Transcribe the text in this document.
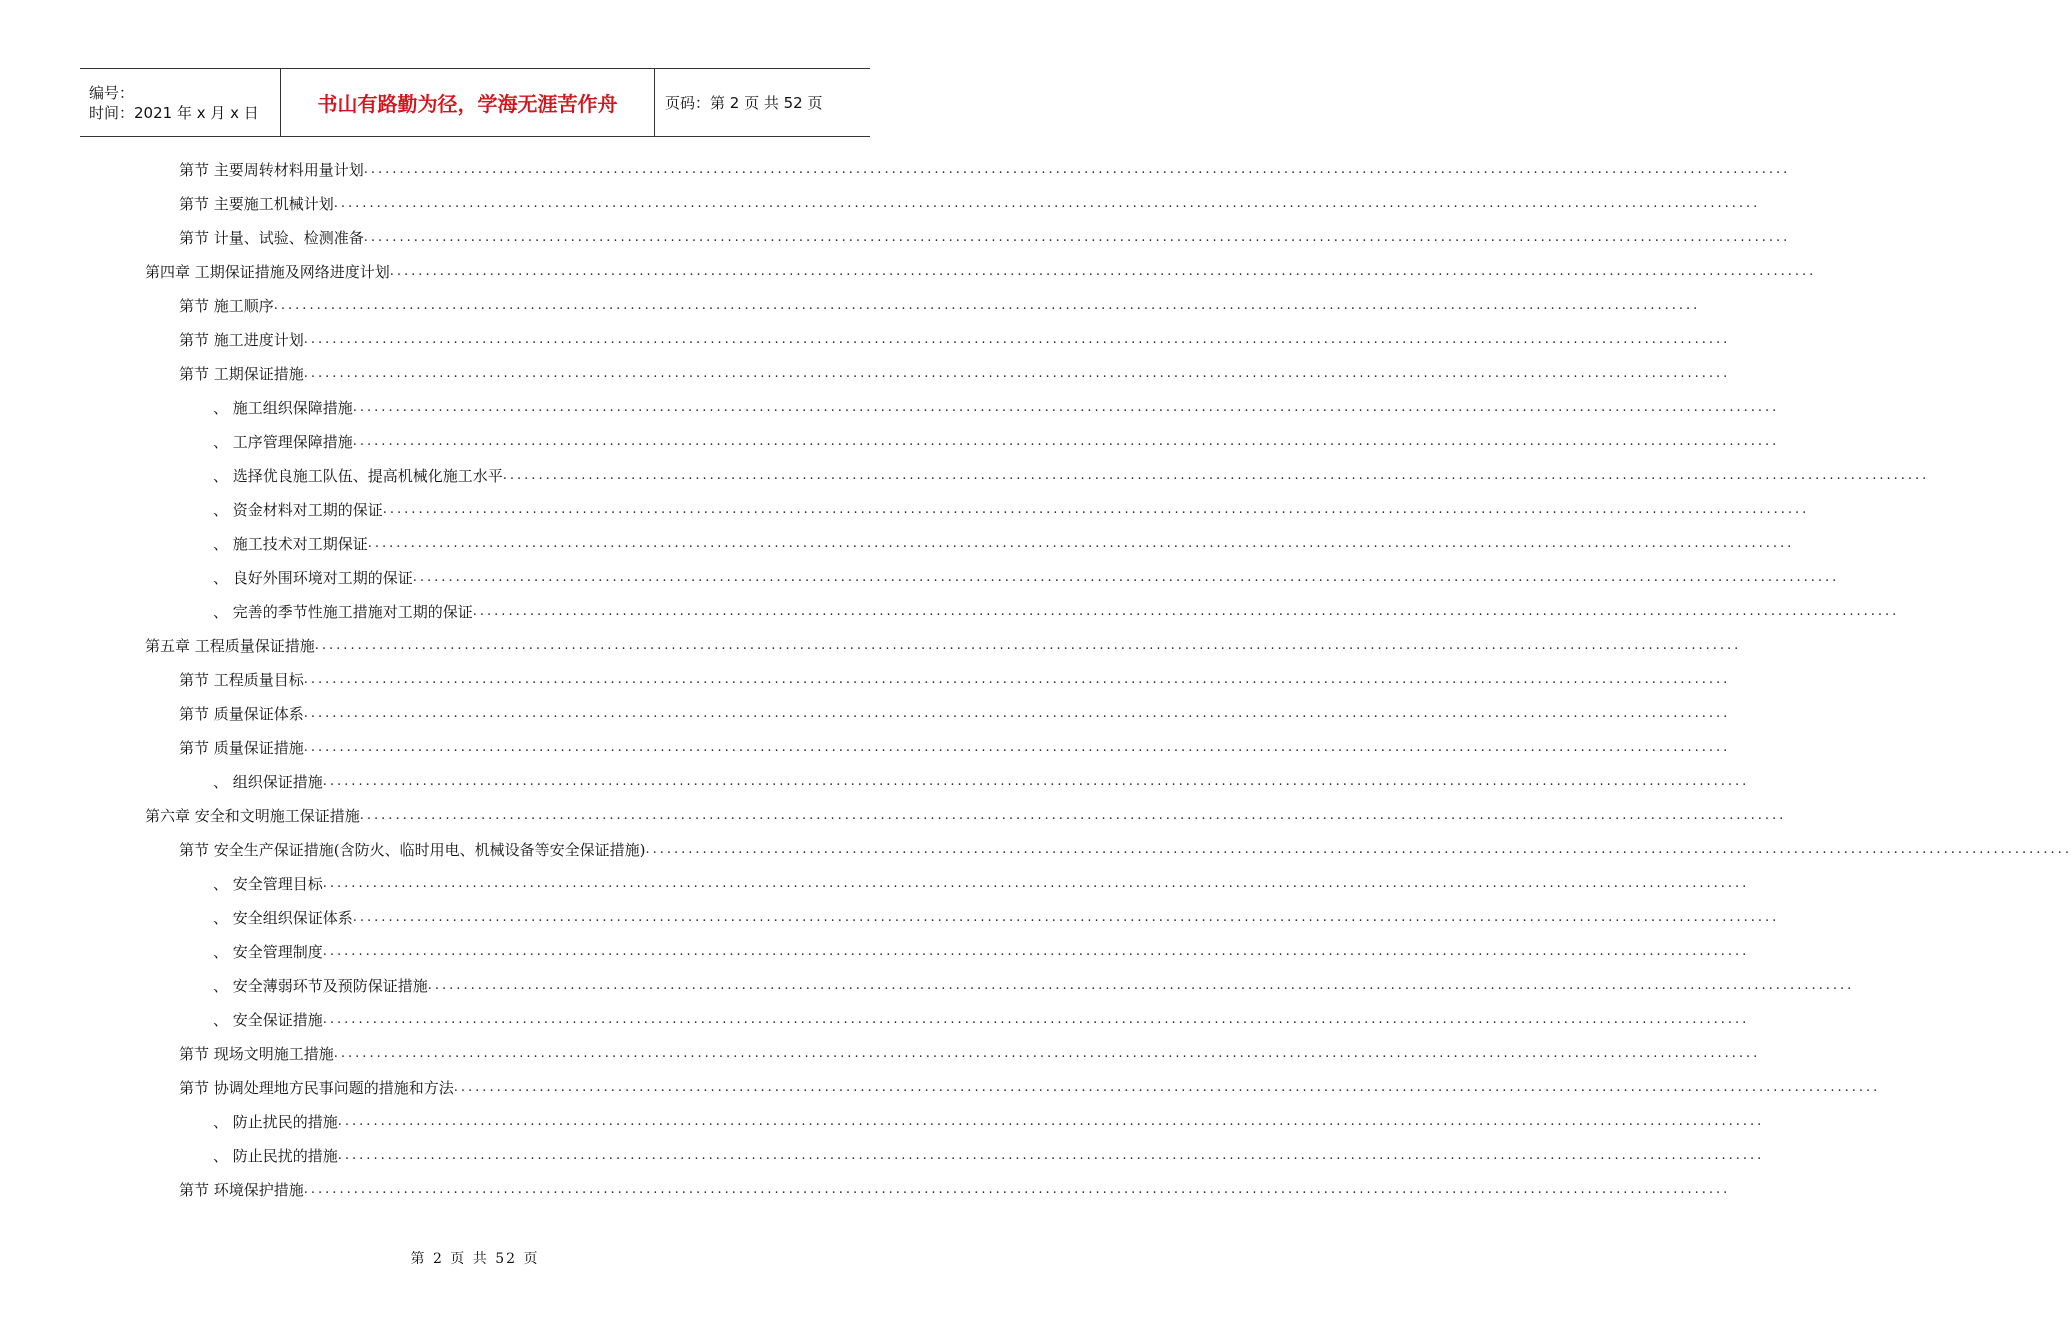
编号：
时间：2021 年 x 月 x 日	书山有路勤为径，学海无涯苦作舟	页码：第 2 页 共 52 页
第节 主要周转材料用量计划 ........................................................................................................................................................................................................
第节 主要施工机械计划 ........................................................................................................................................................................................................
第节 计量、试验、检测准备 ........................................................................................................................................................................................................
第四章 工期保证措施及网络进度计划 ........................................................................................................................................................................................................
第节 施工顺序 ........................................................................................................................................................................................................
第节 施工进度计划 ........................................................................................................................................................................................................
第节 工期保证措施 ........................................................................................................................................................................................................
、 施工组织保障措施 ........................................................................................................................................................................................................
、 工序管理保障措施 ........................................................................................................................................................................................................
、 选择优良施工队伍、提高机械化施工水平 ........................................................................................................................................................................................................
、 资金材料对工期的保证 ........................................................................................................................................................................................................
、 施工技术对工期保证 ........................................................................................................................................................................................................
、 良好外围环境对工期的保证 ........................................................................................................................................................................................................
、 完善的季节性施工措施对工期的保证 ........................................................................................................................................................................................................
第五章 工程质量保证措施 ........................................................................................................................................................................................................
第节 工程质量目标 ........................................................................................................................................................................................................
第节 质量保证体系 ........................................................................................................................................................................................................
第节 质量保证措施 ........................................................................................................................................................................................................
、 组织保证措施 ........................................................................................................................................................................................................
第六章 安全和文明施工保证措施 ........................................................................................................................................................................................................
第节 安全生产保证措施(含防火、临时用电、机械设备等安全保证措施) ........................................................................................................................................................................................................
、 安全管理目标 ........................................................................................................................................................................................................
、 安全组织保证体系 ........................................................................................................................................................................................................
、 安全管理制度 ........................................................................................................................................................................................................
、 安全薄弱环节及预防保证措施 ........................................................................................................................................................................................................
、 安全保证措施 ........................................................................................................................................................................................................
第节 现场文明施工措施 ........................................................................................................................................................................................................
第节 协调处理地方民事问题的措施和方法 ........................................................................................................................................................................................................
、 防止扰民的措施 ........................................................................................................................................................................................................
、 防止民扰的措施 ........................................................................................................................................................................................................
第节 环境保护措施 ........................................................................................................................................................................................................
第 2 页 共 52 页
